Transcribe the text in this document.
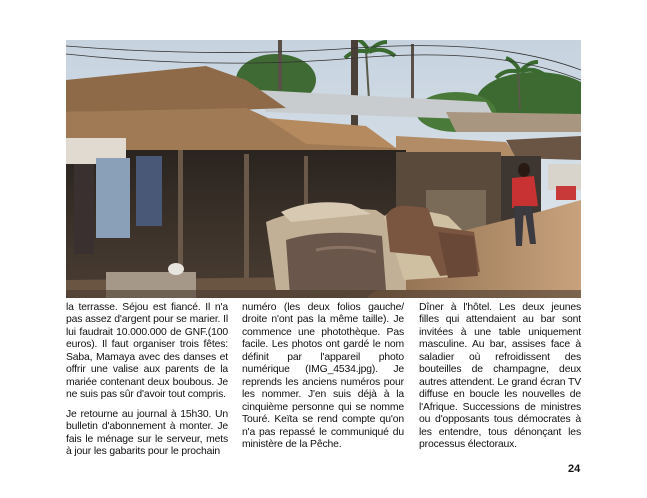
la terrasse. Séjou est fiancé. Il n'a pas assez d'argent pour se marier. Il lui faudrait 10.000.000 de GNF.(100 euros). Il faut organiser trois fêtes: Saba, Mamaya avec des danses et offrir une valise aux parents de la mariée contenant deux boubous. Je ne suis pas sûr d'avoir tout compris.

Je retourne au journal à 15h30. Un bulletin d'abonnement à monter. Je fais le ménage sur le serveur, mets à jour les gabarits pour le prochain

numéro (les deux folios gauche/ droite n'ont pas la même taille). Je commence une photothèque. Pas facile. Les photos ont gardé le nom définit par l'appareil photo numérique (IMG_4534.jpg). Je reprends les anciens numéros pour les nommer. J'en suis déjà à la cinquième personne qui se nomme Touré. Keïta se rend compte qu'on n'a pas repassé le communiqué du ministère de la Pêche.

Dîner à l'hôtel. Les deux jeunes filles qui attendaient au bar sont invitées à une table uniquement masculine. Au bar, assises face à saladier où refroidissent des bouteilles de champagne, deux autres attendent. Le grand écran TV diffuse en boucle les nouvelles de l'Afrique. Successions de ministres ou d'opposants tous démocrates à les entendre, tous dénonçant les processus électoraux.

24
